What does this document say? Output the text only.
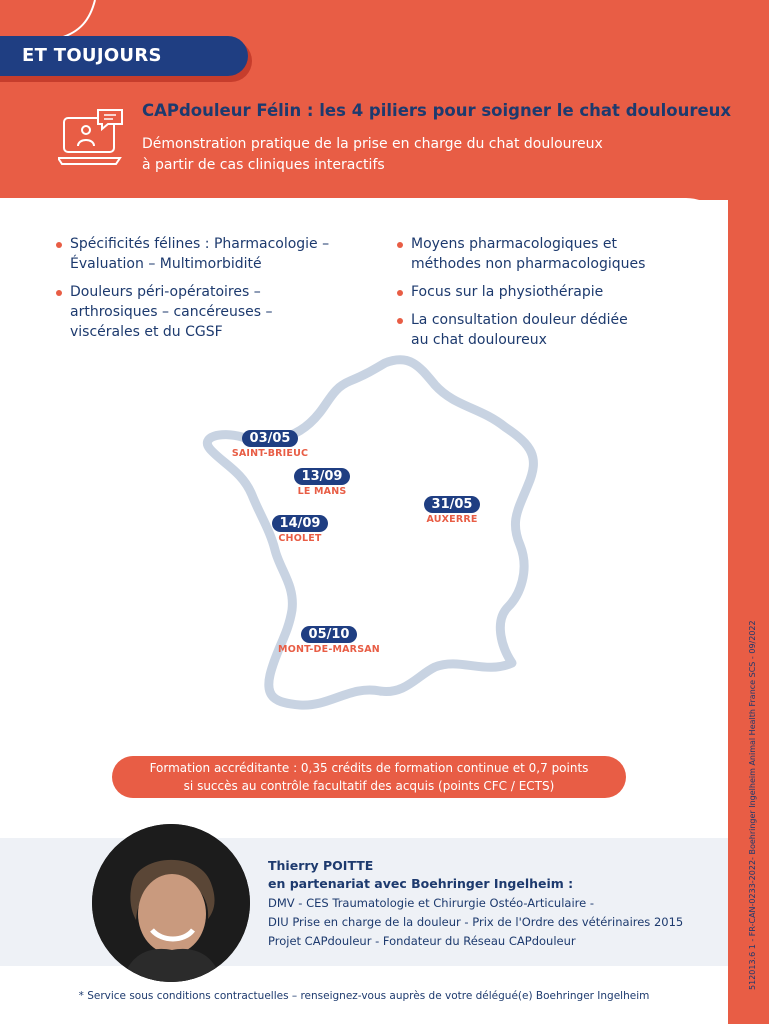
ET TOUJOURS
CAPdouleur Félin : les 4 piliers pour soigner le chat douloureux
Démonstration pratique de la prise en charge du chat douloureux
à partir de cas cliniques interactifs
Spécificités félines : Pharmacologie –
Évaluation – Multimorbidité
Douleurs péri-opératoires –
arthrosiques – cancéreuses –
viscérales et du CGSF
Moyens pharmacologiques et
méthodes non pharmacologiques
Focus sur la physiothérapie
La consultation douleur dédiée
au chat douloureux
03/05
SAINT-BRIEUC
13/09
LE MANS
31/05
AUXERRE
14/09
CHOLET
05/10
MONT-DE-MARSAN
Formation accréditante : 0,35 crédits de formation continue et 0,7 points
si succès au contrôle facultatif des acquis (points CFC / ECTS)
Thierry POITTE
en partenariat avec Boehringer Ingelheim :
DMV - CES Traumatologie et Chirurgie Ostéo-Articulaire -
DIU Prise en charge de la douleur - Prix de l'Ordre des vétérinaires 2015
Projet CAPdouleur - Fondateur du Réseau CAPdouleur
* Service sous conditions contractuelles – renseignez-vous auprès de votre délégué(e) Boehringer Ingelheim
512013.6 1 - FR-CAN-0233-2022- Boehringer Ingelheim Animal Health France SCS - 09/2022
